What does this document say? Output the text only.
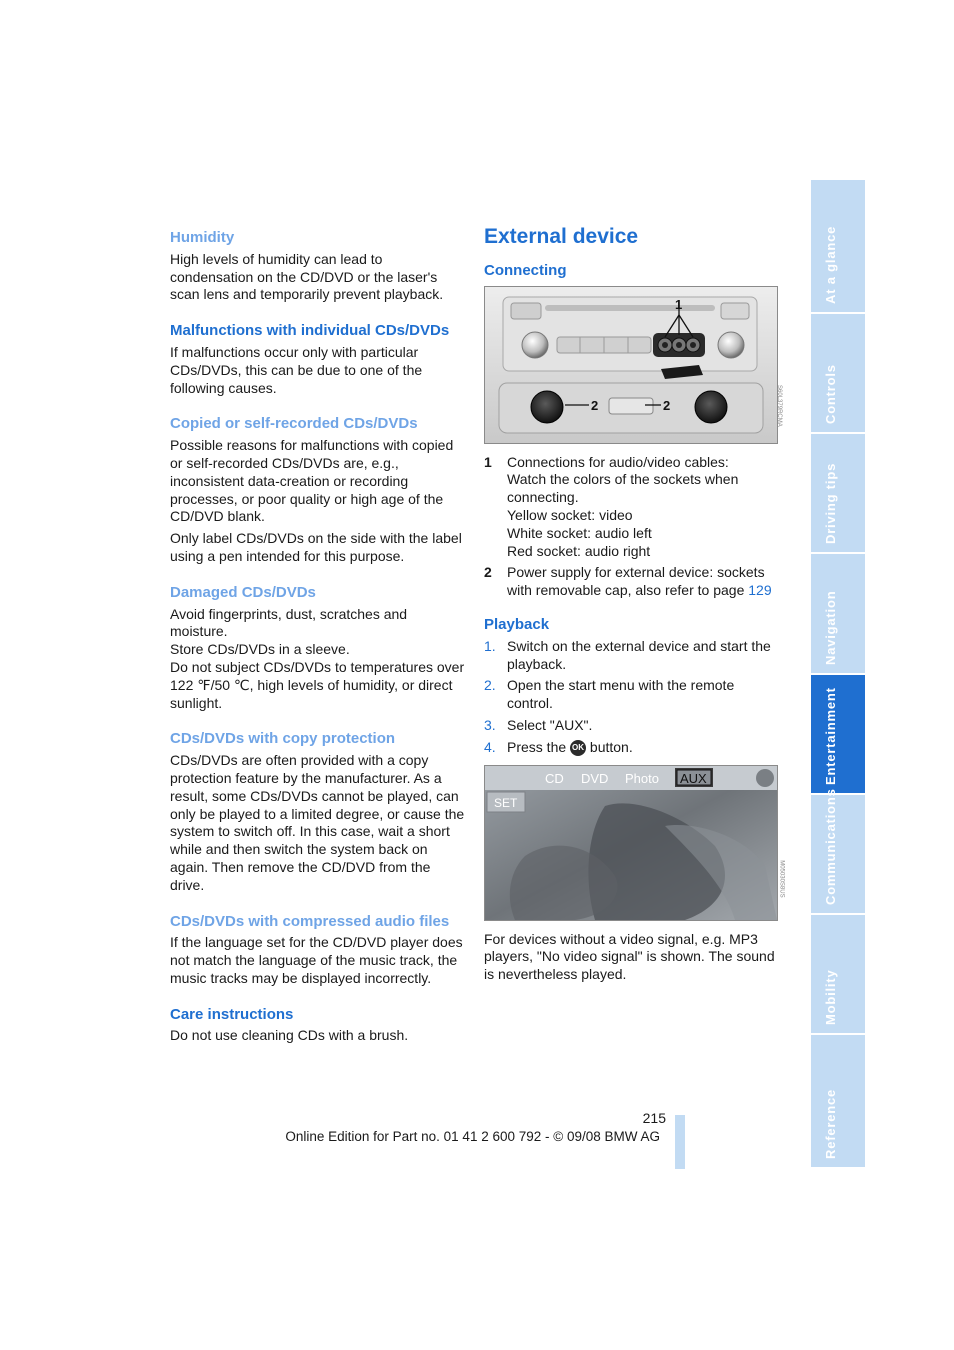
Humidity

High levels of humidity can lead to condensation on the CD/DVD or the laser's scan lens and temporarily prevent playback.

Malfunctions with individual CDs/DVDs

If malfunctions occur only with particular CDs/DVDs, this can be due to one of the following causes.

Copied or self-recorded CDs/DVDs

Possible reasons for malfunctions with copied or self-recorded CDs/DVDs are, e.g., inconsistent data-creation or recording processes, or poor quality or high age of the CD/DVD blank.

Only label CDs/DVDs on the side with the label using a pen intended for this purpose.

Damaged CDs/DVDs

Avoid fingerprints, dust, scratches and moisture.

Store CDs/DVDs in a sleeve.

Do not subject CDs/DVDs to temperatures over 122 ℉/50 ℃, high levels of humidity, or direct sunlight.

CDs/DVDs with copy protection

CDs/DVDs are often provided with a copy protection feature by the manufacturer. As a result, some CDs/DVDs cannot be played, can only be played to a limited degree, or cause the system to switch off. In this case, wait a short while and then switch the system back on again. Then remove the CD/DVD from the drive.

CDs/DVDs with compressed audio files

If the language set for the CD/DVD player does not match the language of the music track, the music tracks may be displayed incorrectly.

Care instructions

Do not use cleaning CDs with a brush.

External device
Connecting
1
2	2	S60L379RCMA
1	Connections for audio/video cables:
Watch the colors of the sockets when connecting.
Yellow socket: video
White socket: audio left
Red socket: audio right
2	Power supply for external device: sockets with removable cap, also refer to page 129
Playback
1. Switch on the external device and start the playback.
2. Open the start menu with the remote control.
3. Select "AUX".
4. Press the OK button.
CD DVD Photo AUX
SET
M05030S8US

For devices without a video signal, e.g. MP3 players, "No video signal" is shown. The sound is nevertheless played.

At a glance
Controls
Driving tips
Navigation
Entertainment
Communications
Mobility
Reference
215
Online Edition for Part no. 01 41 2 600 792 - © 09/08 BMW AG
